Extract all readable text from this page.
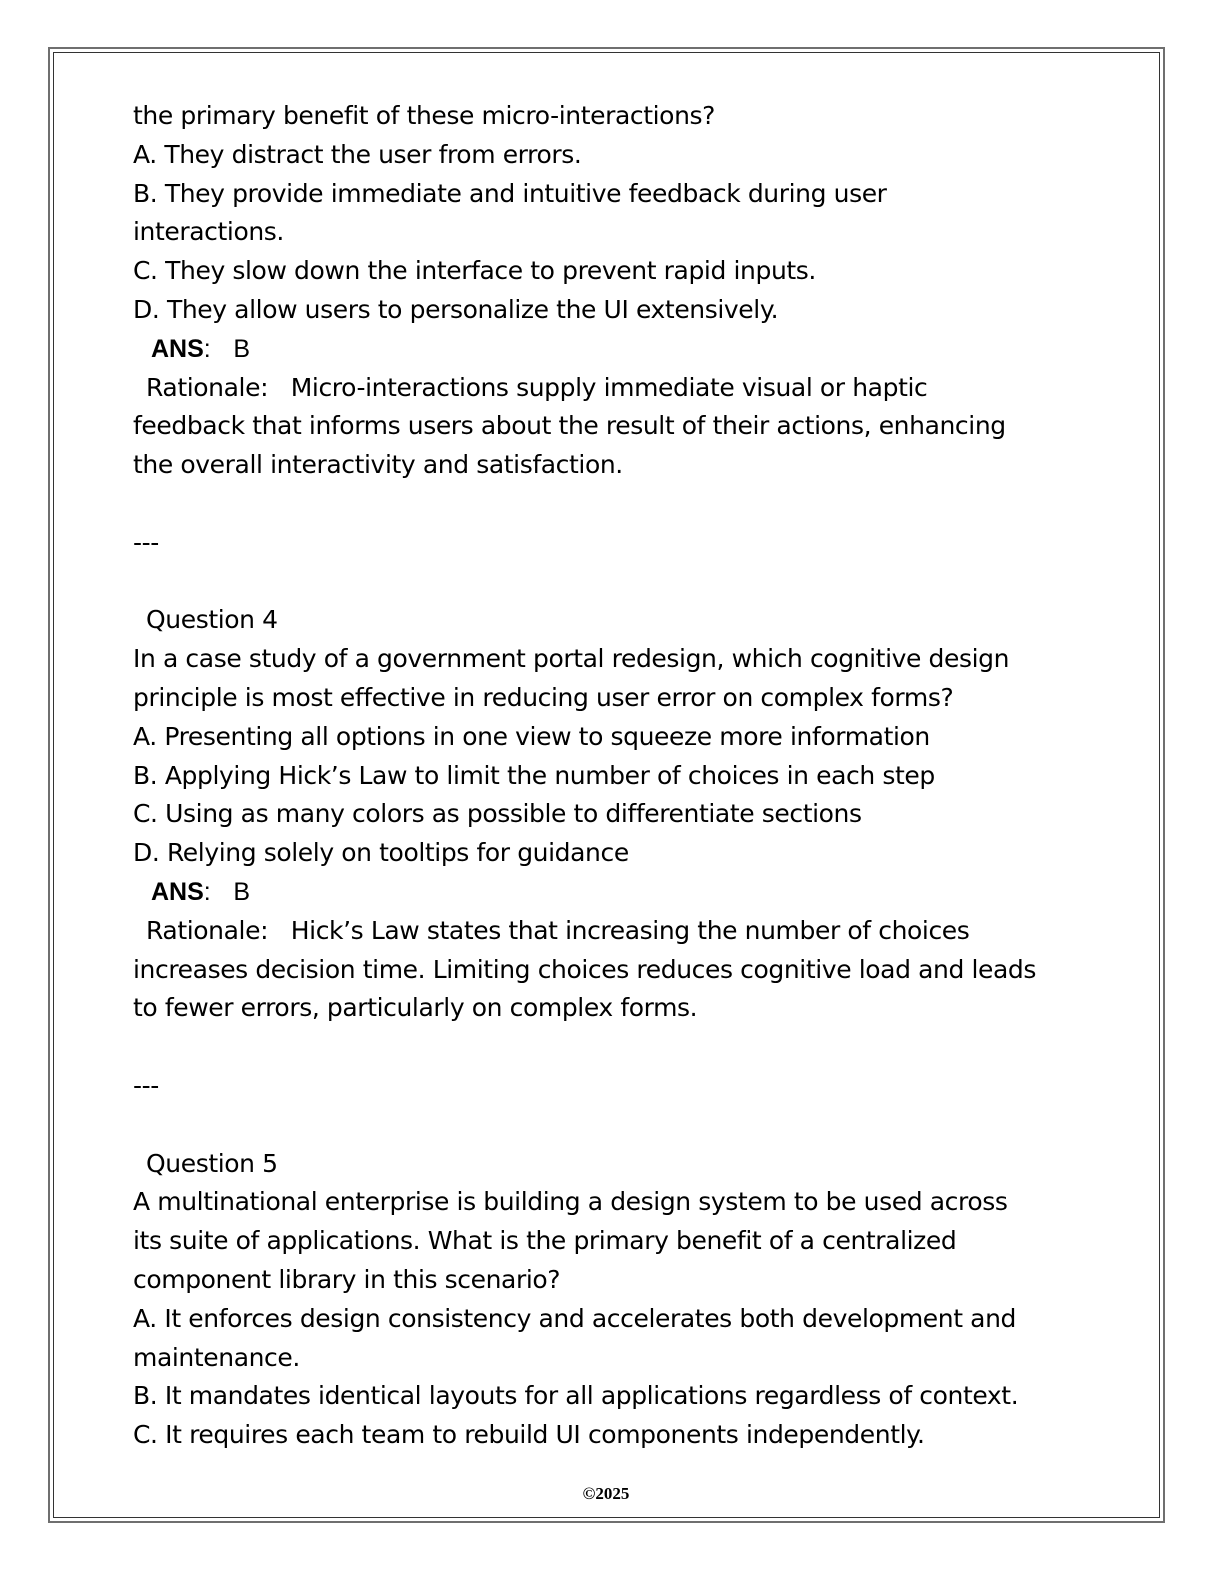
the primary benefit of these micro-interactions?
A. They distract the user from errors.
B. They provide immediate and intuitive feedback during user
interactions.
C. They slow down the interface to prevent rapid inputs.
D. They allow users to personalize the UI extensively.
ANS: B
Rationale: Micro-interactions supply immediate visual or haptic
feedback that informs users about the result of their actions, enhancing
the overall interactivity and satisfaction.
---
Question 4
In a case study of a government portal redesign, which cognitive design
principle is most effective in reducing user error on complex forms?
A. Presenting all options in one view to squeeze more information
B. Applying Hick’s Law to limit the number of choices in each step
C. Using as many colors as possible to differentiate sections
D. Relying solely on tooltips for guidance
ANS: B
Rationale: Hick’s Law states that increasing the number of choices
increases decision time. Limiting choices reduces cognitive load and leads
to fewer errors, particularly on complex forms.
---
Question 5
A multinational enterprise is building a design system to be used across
its suite of applications. What is the primary benefit of a centralized
component library in this scenario?
A. It enforces design consistency and accelerates both development and
maintenance.
B. It mandates identical layouts for all applications regardless of context.
C. It requires each team to rebuild UI components independently.
©2025
